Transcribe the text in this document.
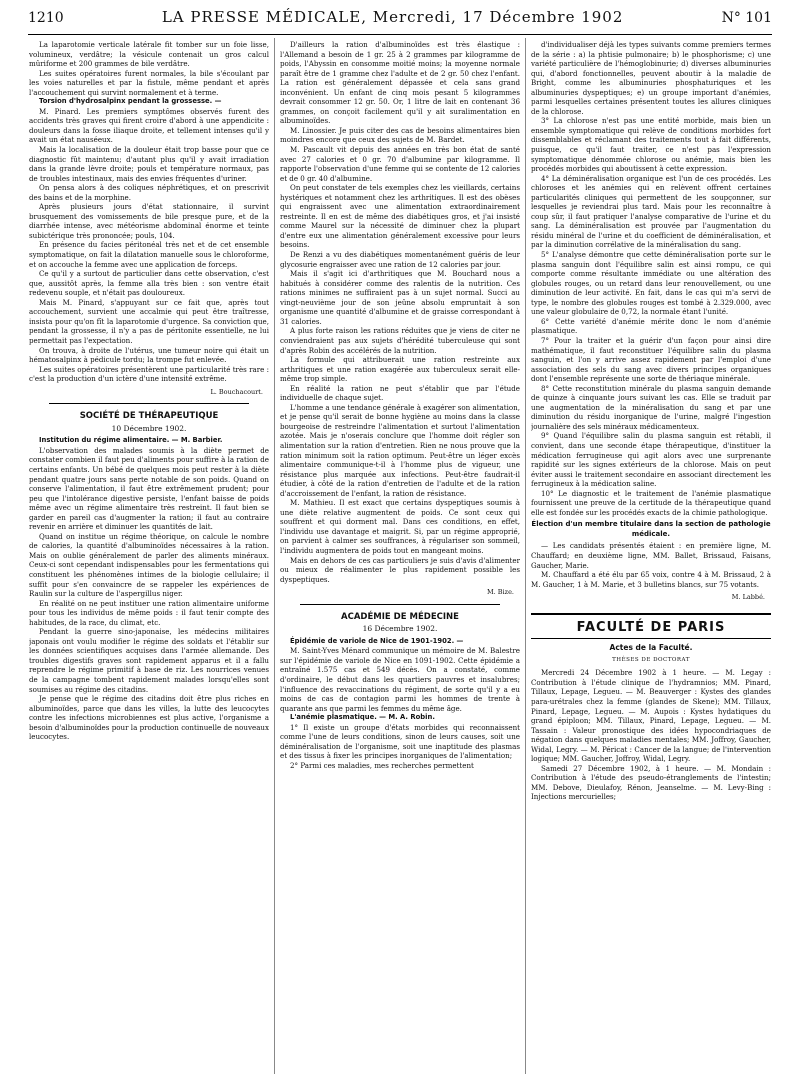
1210	LA PRESSE MÉDICALE, Mercredi, 17 Décembre 1902	N° 101

La laparotomie verticale latérale fit tomber sur un foie lisse, volumineux, verdâtre; la vésicule contenait un gros calcul mûriforme et 200 grammes de bile verdâtre.

Les suites opératoires furent normales, la bile s'écoulant par les voies naturelles et par la fistule, même pendant et après l'accouchement qui survint normalement et à terme.

Torsion d'hydrosalpinx pendant la grossesse. —

M. Pinard. Les premiers symptômes observés furent des accidents très graves qui firent croire d'abord à une appendicite : douleurs dans la fosse iliaque droite, et tellement intenses qu'il y avait un état nauséeux.

Mais la localisation de la douleur était trop basse pour que ce diagnostic fût maintenu; d'autant plus qu'il y avait irradiation dans la grande lèvre droite; pouls et température normaux, pas de troubles intestinaux, mais des envies fréquentes d'uriner.

On pensa alors à des coliques néphrétiques, et on prescrivit des bains et de la morphine.

Après plusieurs jours d'état stationnaire, il survint brusquement des vomissements de bile presque pure, et de la diarrhée intense, avec météorisme abdominal énorme et teinte subictérique très prononcée; pouls, 104.

En présence du facies péritonéal très net et de cet ensemble symptomatique, on fait la dilatation manuelle sous le chloroforme, et on accouche la femme avec une application de forceps.

Ce qu'il y a surtout de particulier dans cette observation, c'est que, aussitôt après, la femme alla très bien : son ventre était redevenu souple, et n'était pas douloureux.

Mais M. Pinard, s'appuyant sur ce fait que, après tout accouchement, survient une accalmie qui peut être traîtresse, insista pour qu'on fît la laparotomie d'urgence. Sa conviction que, pendant la grossesse, il n'y a pas de péritonite essentielle, ne lui permettait pas l'expectation.

On trouva, à droite de l'utérus, une tumeur noire qui était un hématosalpinx à pédicule tordu; la trompe fut enlevée.

Les suites opératoires présentèrent une particularité très rare : c'est la production d'un ictère d'une intensité extrême.

L. Bouchacourt.
SOCIÉTÉ DE THÉRAPEUTIQUE
10 Décembre 1902.

Institution du régime alimentaire. — M. Barbier.

L'observation des malades soumis à la diète permet de constater combien il faut peu d'aliments pour suffire à la ration de certains enfants. Un bébé de quelques mois peut rester à la diète pendant quatre jours sans perte notable de son poids. Quand on conserve l'alimentation, il faut être extrêmement prudent; pour peu que l'intolérance digestive persiste, l'enfant baisse de poids même avec un régime alimentaire très restreint. Il faut bien se garder en pareil cas d'augmenter la ration; il faut au contraire revenir en arrière et diminuer les quantités de lait.

Quand on institue un régime théorique, on calcule le nombre de calories, la quantité d'albuminoïdes nécessaires à la ration. Mais on oublie généralement de parler des aliments minéraux. Ceux-ci sont cependant indispensables pour les fermentations qui constituent les phénomènes intimes de la biologie cellulaire; il suffit pour s'en convaincre de se rappeler les expériences de Raulin sur la culture de l'aspergillus niger.

En réalité on ne peut instituer une ration alimentaire uniforme pour tous les individus de même poids : il faut tenir compte des habitudes, de la race, du climat, etc.

Pendant la guerre sino-japonaise, les médecins militaires japonais ont voulu modifier le régime des soldats et l'établir sur les données scientifiques acquises dans l'armée allemande. Des troubles digestifs graves sont rapidement apparus et il a fallu reprendre le régime primitif à base de riz. Les nourrices venues de la campagne tombent rapidement malades lorsqu'elles sont soumises au régime des citadins.

Je pense que le régime des citadins doit être plus riches en albuminoïdes, parce que dans les villes, la lutte des leucocytes contre les infections microbiennes est plus active, l'organisme a besoin d'albuminoïdes pour la production continuelle de nouveaux leucocytes.

D'ailleurs la ration d'albuminoïdes est très élastique : l'Allemand a besoin de 1 gr. 25 à 2 grammes par kilogramme de poids, l'Abyssin en consomme moitié moins; la moyenne normale paraît être de 1 gramme chez l'adulte et de 2 gr. 50 chez l'enfant. La ration est généralement dépassée et cela sans grand inconvénient. Un enfant de cinq mois pesant 5 kilogrammes devrait consommer 12 gr. 50. Or, 1 litre de lait en contenant 36 grammes, on conçoit facilement qu'il y ait suralimentation en albuminoïdes.

M. Linossier. Je puis citer des cas de besoins alimentaires bien moindres encore que ceux des sujets de M. Bardet.

M. Pascault vit depuis des années en très bon état de santé avec 27 calories et 0 gr. 70 d'albumine par kilogramme. Il rapporte l'observation d'une femme qui se contente de 12 calories et de 0 gr. 40 d'albumine.

On peut constater de tels exemples chez les vieillards, certains hystériques et notamment chez les arthritiques. Il est des obèses qui engraissent avec une alimentation extraordinairement restreinte. Il en est de même des diabétiques gros, et j'ai insisté comme Maurel sur la nécessité de diminuer chez la plupart d'entre eux une alimentation généralement excessive pour leurs besoins.

De Renzi a vu des diabétiques momentanément guéris de leur glycosurie engraisser avec une ration de 12 calories par jour.

Mais il s'agit ici d'arthritiques que M. Bouchard nous a habitués à considérer comme des ralentis de la nutrition. Ces rations minimes ne suffiraient pas à un sujet normal. Succi au vingt-neuvième jour de son jeûne absolu empruntait à son organisme une quantité d'albumine et de graisse correspondant à 31 calories.

A plus forte raison les rations réduites que je viens de citer ne conviendraient pas aux sujets d'hérédité tuberculeuse qui sont d'après Robin des accélérés de la nutrition.

La formule qui attribuerait une ration restreinte aux arthritiques et une ration exagérée aux tuberculeux serait elle-même trop simple.

En réalité la ration ne peut s'établir que par l'étude individuelle de chaque sujet.

L'homme a une tendance générale à exagérer son alimentation, et je pense qu'il serait de bonne hygiène au moins dans la classe bourgeoise de restreindre l'alimentation et surtout l'alimentation azotée. Mais je n'oserais conclure que l'homme doit régler son alimentation sur la ration d'entretien. Rien ne nous prouve que la ration minimum soit la ration optimum. Peut-être un léger excès alimentaire communique-t-il à l'homme plus de vigueur, une résistance plus marquée aux infections. Peut-être faudrait-il étudier, à côté de la ration d'entretien de l'adulte et de la ration d'accroissement de l'enfant, la ration de résistance.

M. Mathieu. Il est exact que certains dyspeptiques soumis à une diète relative augmentent de poids. Ce sont ceux qui souffrent et qui dorment mal. Dans ces conditions, en effet, l'individu use davantage et maigrit. Si, par un régime approprié, on parvient à calmer ses souffrances, à régulariser son sommeil, l'individu augmentera de poids tout en mangeant moins.

Mais en dehors de ces cas particuliers je suis d'avis d'alimenter ou mieux de réalimenter le plus rapidement possible les dyspeptiques.

M. Bize.
ACADÉMIE DE MÉDECINE
16 Décembre 1902.

Épidémie de variole de Nice de 1901-1902. —

M. Saint-Yves Ménard communique un mémoire de M. Balestre sur l'épidémie de variole de Nice en 1091-1902. Cette épidémie a entraîné 1.575 cas et 549 décès. On a constaté, comme d'ordinaire, le début dans les quartiers pauvres et insalubres; l'influence des revaccinations du régiment, de sorte qu'il y a eu moins de cas de contagion parmi les hommes de trente à quarante ans que parmi les femmes du même âge.

L'anémie plasmatique. — M. A. Robin.

1° Il existe un groupe d'états morbides qui reconnaissent comme l'une de leurs conditions, sinon de leurs causes, soit une déminéralisation de l'organisme, soit une inaptitude des plasmas et des tissus à fixer les principes inorganiques de l'alimentation;

2° Parmi ces maladies, mes recherches permettent

d'individualiser déjà les types suivants comme premiers termes de la série : a) la phtisie pulmonaire; b) le phosphorisme; c) une variété particulière de l'hémoglobinurie; d) diverses albuminuries qui, d'abord fonctionnelles, peuvent aboutir à la maladie de Bright, comme les albuminuries phosphaturiques et les albuminuries dyspeptiques; e) un groupe important d'anémies, parmi lesquelles certaines présentent toutes les allures cliniques de la chlorose.

3° La chlorose n'est pas une entité morbide, mais bien un ensemble symptomatique qui relève de conditions morbides fort dissemblables et réclamant des traitements tout à fait différents, puisque, ce qu'il faut traiter, ce n'est pas l'expression symptomatique dénommée chlorose ou anémie, mais bien les procédés morbides qui aboutissent à cette expression.

4° La déminéralisation organique est l'un de ces procédés. Les chloroses et les anémies qui en relèvent offrent certaines particularités cliniques qui permettent de les soupçonner, sur lesquelles je reviendrai plus tard. Mais pour les reconnaître à coup sûr, il faut pratiquer l'analyse comparative de l'urine et du sang. La déminéralisation est prouvée par l'augmentation du résidu minéral de l'urine et du coefficient de déminéralisation, et par la diminution corrélative de la minéralisation du sang.

5° L'analyse démontre que cette déminéralisation porte sur le plasma sanguin dont l'équilibre salin est ainsi rompu, ce qui comporte comme résultante immédiate ou une altération des globules rouges, ou un retard dans leur renouvellement, ou une diminution de leur activité. En fait, dans le cas qui m'a servi de type, le nombre des globules rouges est tombé à 2.329.000, avec une valeur globulaire de 0,72, la normale étant l'unité.

6° Cette variété d'anémie mérite donc le nom d'anémie plasmatique.

7° Pour la traiter et la guérir d'un façon pour ainsi dire mathématique, il faut reconstituer l'équilibre salin du plasma sanguin, et l'on y arrive assez rapidement par l'emploi d'une association des sels du sang avec divers principes organiques dont l'ensemble représente une sorte de thériaque minérale.

8° Cette reconstitution minérale du plasma sanguin demande de quinze à cinquante jours suivant les cas. Elle se traduit par une augmentation de la minéralisation du sang et par une diminution du résidu inorganique de l'urine, malgré l'ingestion journalière des sels minéraux médicamenteux.

9° Quand l'équilibre salin du plasma sanguin est rétabli, il convient, dans une seconde étape thérapeutique, d'instituer la médication ferrugineuse qui agit alors avec une surprenante rapidité sur les signes extérieurs de la chlorose. Mais on peut éviter aussi le traitement secondaire en associant directement les ferrugineux à la médication saline.

10° Le diagnostic et le traitement de l'anémie plasmatique fournissent une preuve de la certitude de la thérapeutique quand elle est fondée sur les procédés exacts de la chimie pathologique.

Élection d'un membre titulaire dans la section de pathologie médicale.

— Les candidats présentés étaient : en première ligne, M. Chauffard; en deuxième ligne, MM. Ballet, Brissaud, Faisans, Gaucher, Marie.

M. Chauffard a été élu par 65 voix, contre 4 à M. Brissaud, 2 à M. Gaucher, 1 à M. Marie, et 3 bulletins blancs, sur 75 votants.

M. Labbé.
FACULTÉ DE PARIS
Actes de la Faculté.
THÈSES DE DOCTORAT

Mercredi 24 Décembre 1902 à 1 heure. — M. Legay : Contribution à l'étude clinique de l'hydramnios; MM. Pinard, Tillaux, Lepage, Legueu. — M. Beauverger : Kystes des glandes para-urétrales chez la femme (glandes de Skene); MM. Tillaux, Pinard, Lepage, Legueu. — M. Aupois : Kystes hydatiques du grand épiploon; MM. Tillaux, Pinard, Lepage, Legueu. — M. Tassain : Valeur pronostique des idées hypocondriaques de négation dans quelques maladies mentales; MM. Joffroy, Gaucher, Widal, Legry. — M. Péricat : Cancer de la langue; de l'intervention logique; MM. Gaucher, Joffroy, Widal, Legry.

Samedi 27 Décembre 1902, à 1 heure. — M. Mondain : Contribution à l'étude des pseudo-étranglements de l'intestin; MM. Debove, Dieulafoy, Rénon, Jeanselme. — M. Levy-Bing : Injections mercurielles;
